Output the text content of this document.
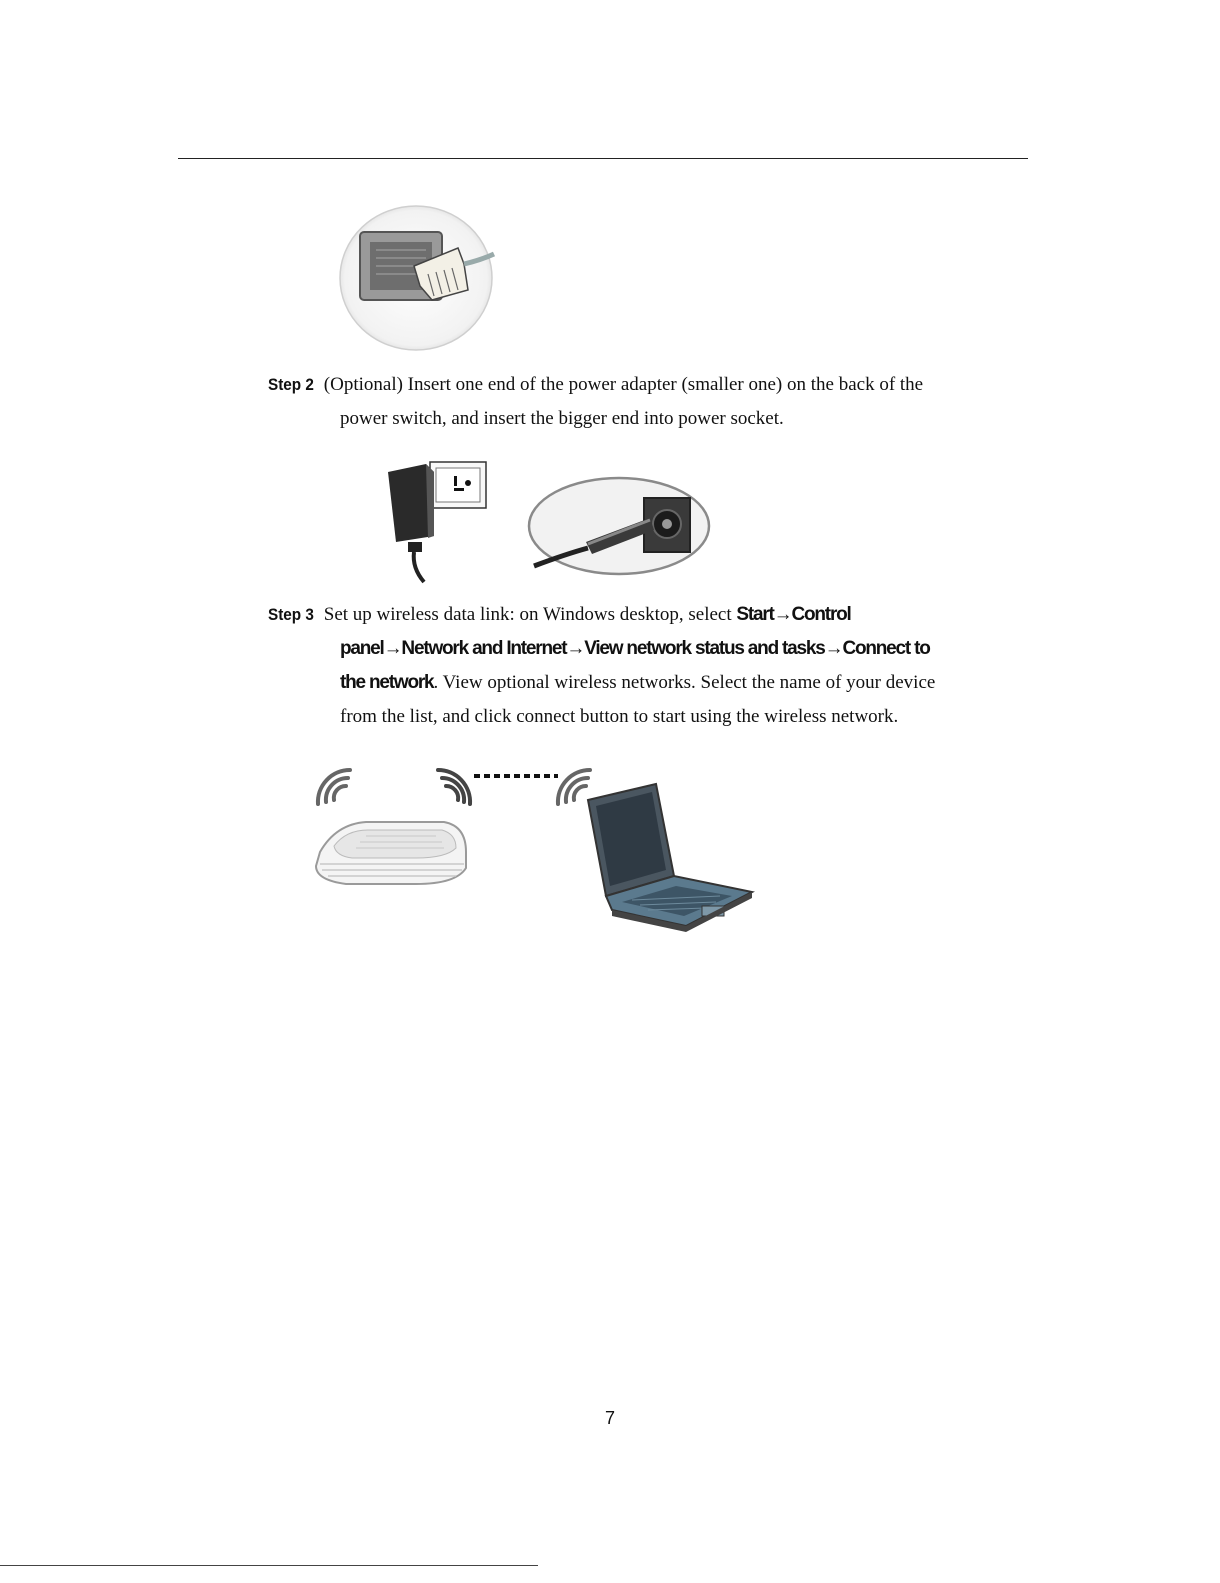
Step 2 (Optional) Insert one end of the power adapter (smaller one) on the back of the
power switch, and insert the bigger end into power socket.
Step 3 Set up wireless data link: on Windows desktop, select Start→Control
panel→Network and Internet→View network status and tasks→Connect to
the network. View optional wireless networks. Select the name of your device
from the list, and click connect button to start using the wireless network.
7
